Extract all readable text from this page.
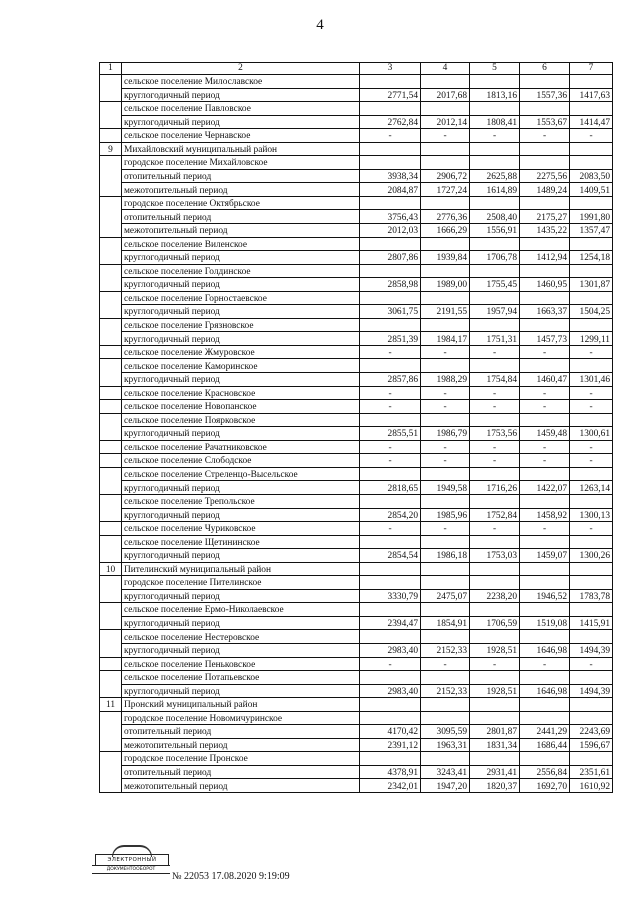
4
1	2	3	4	5	6	7
	сельское поселение Милославское					
	круглогодичный период	2771,54	2017,68	1813,16	1557,36	1417,63
	сельское поселение Павловское					
	круглогодичный период	2762,84	2012,14	1808,41	1553,67	1414,47
	сельское поселение Чернавское	-	-	-	-	-
9	Михайловский муниципальный район					
	городское поселение Михайловское					
	отопительный период	3938,34	2906,72	2625,88	2275,56	2083,50
	межотопительный период	2084,87	1727,24	1614,89	1489,24	1409,51
	городское поселение Октябрьское					
	отопительный период	3756,43	2776,36	2508,40	2175,27	1991,80
	межотопительный период	2012,03	1666,29	1556,91	1435,22	1357,47
	сельское поселение Виленское					
	круглогодичный период	2807,86	1939,84	1706,78	1412,94	1254,18
	сельское поселение Голдинское					
	круглогодичный период	2858,98	1989,00	1755,45	1460,95	1301,87
	сельское поселение Горностаевское					
	круглогодичный период	3061,75	2191,55	1957,94	1663,37	1504,25
	сельское поселение Грязновское					
	круглогодичный период	2851,39	1984,17	1751,31	1457,73	1299,11
	сельское поселение Жмуровское	-	-	-	-	-
	сельское поселение Каморинское					
	круглогодичный период	2857,86	1988,29	1754,84	1460,47	1301,46
	сельское поселение Красновское	-	-	-	-	-
	сельское поселение Новопанское	-	-	-	-	-
	сельское поселение Поярковское					
	круглогодичный период	2855,51	1986,79	1753,56	1459,48	1300,61
	сельское поселение Рачатниковское	-	-	-	-	-
	сельское поселение Слободское	-	-	-	-	-
	сельское поселение Стреленцо-Высельское					
	круглогодичный период	2818,65	1949,58	1716,26	1422,07	1263,14
	сельское поселение Трепольское					
	круглогодичный период	2854,20	1985,96	1752,84	1458,92	1300,13
	сельское поселение Чуриковское	-	-	-	-	-
	сельское поселение Щетининское					
	круглогодичный период	2854,54	1986,18	1753,03	1459,07	1300,26
10	Пителинский муниципальный район					
	городское поселение Пителинское					
	круглогодичный период	3330,79	2475,07	2238,20	1946,52	1783,78
	сельское поселение Ермо-Николаевское					
	круглогодичный период	2394,47	1854,91	1706,59	1519,08	1415,91
	сельское поселение Нестеровское					
	круглогодичный период	2983,40	2152,33	1928,51	1646,98	1494,39
	сельское поселение Пеньковское	-	-	-	-	-
	сельское поселение Потапьевское					
	круглогодичный период	2983,40	2152,33	1928,51	1646,98	1494,39
11	Пронский муниципальный район					
	городское поселение Новомичуринское					
	отопительный период	4170,42	3095,59	2801,87	2441,29	2243,69
	межотопительный период	2391,12	1963,31	1831,34	1686,44	1596,67
	городское поселение Пронское					
	отопительный период	4378,91	3243,41	2931,41	2556,84	2351,61
	межотопительный период	2342,01	1947,20	1820,37	1692,70	1610,92
ЭЛЕКТРОННЫЙ
ДОКУМЕНТООБОРОТ
№ 22053 17.08.2020 9:19:09
